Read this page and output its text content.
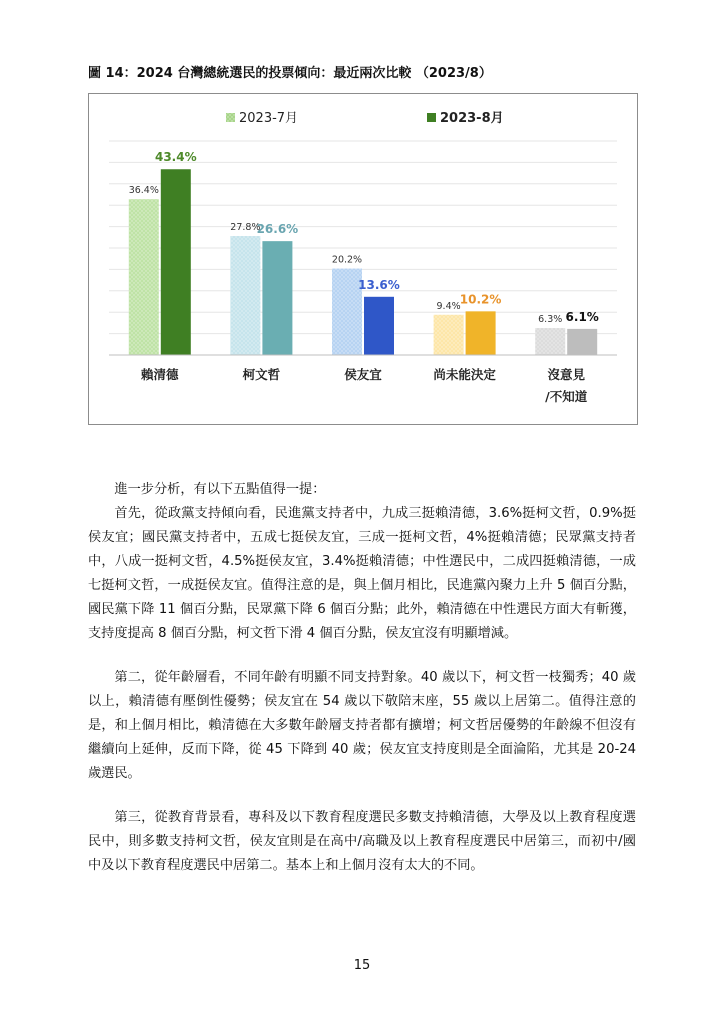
圖 14：2024 台灣總統選民的投票傾向：最近兩次比較 （2023/8）
36.4%
43.4%
27.8%
26.6%
20.2%
13.6%
9.4% 10.2%
6.3% 6.1%
賴清德	柯文哲	侯友宜	尚未能決定	沒意見
/不知道
2023-7月	2023-8月

進一步分析，有以下五點值得一提：

首先，從政黨支持傾向看，民進黨支持者中，九成三挺賴清德，3.6%挺柯文哲，0.9%挺侯友宜；國民黨支持者中，五成七挺侯友宜，三成一挺柯文哲，4%挺賴清德；民眾黨支持者中，八成一挺柯文哲，4.5%挺侯友宜，3.4%挺賴清德；中性選民中，二成四挺賴清德，一成七挺柯文哲，一成挺侯友宜。值得注意的是，與上個月相比，民進黨內聚力上升 5 個百分點，國民黨下降 11 個百分點，民眾黨下降 6 個百分點；此外，賴清德在中性選民方面大有斬獲，支持度提高 8 個百分點，柯文哲下滑 4 個百分點，侯友宜沒有明顯增減。

第二，從年齡層看，不同年齡有明顯不同支持對象。40 歲以下，柯文哲一枝獨秀；40 歲以上，賴清德有壓倒性優勢；侯友宜在 54 歲以下敬陪末座，55 歲以上居第二。值得注意的是，和上個月相比，賴清德在大多數年齡層支持者都有擴增；柯文哲居優勢的年齡線不但沒有繼續向上延伸，反而下降，從 45 下降到 40 歲；侯友宜支持度則是全面淪陷，尤其是 20-24 歲選民。

第三，從教育背景看，專科及以下教育程度選民多數支持賴清德，大學及以上教育程度選民中，則多數支持柯文哲，侯友宜則是在高中/高職及以上教育程度選民中居第三，而初中/國中及以下教育程度選民中居第二。基本上和上個月沒有太大的不同。

15
